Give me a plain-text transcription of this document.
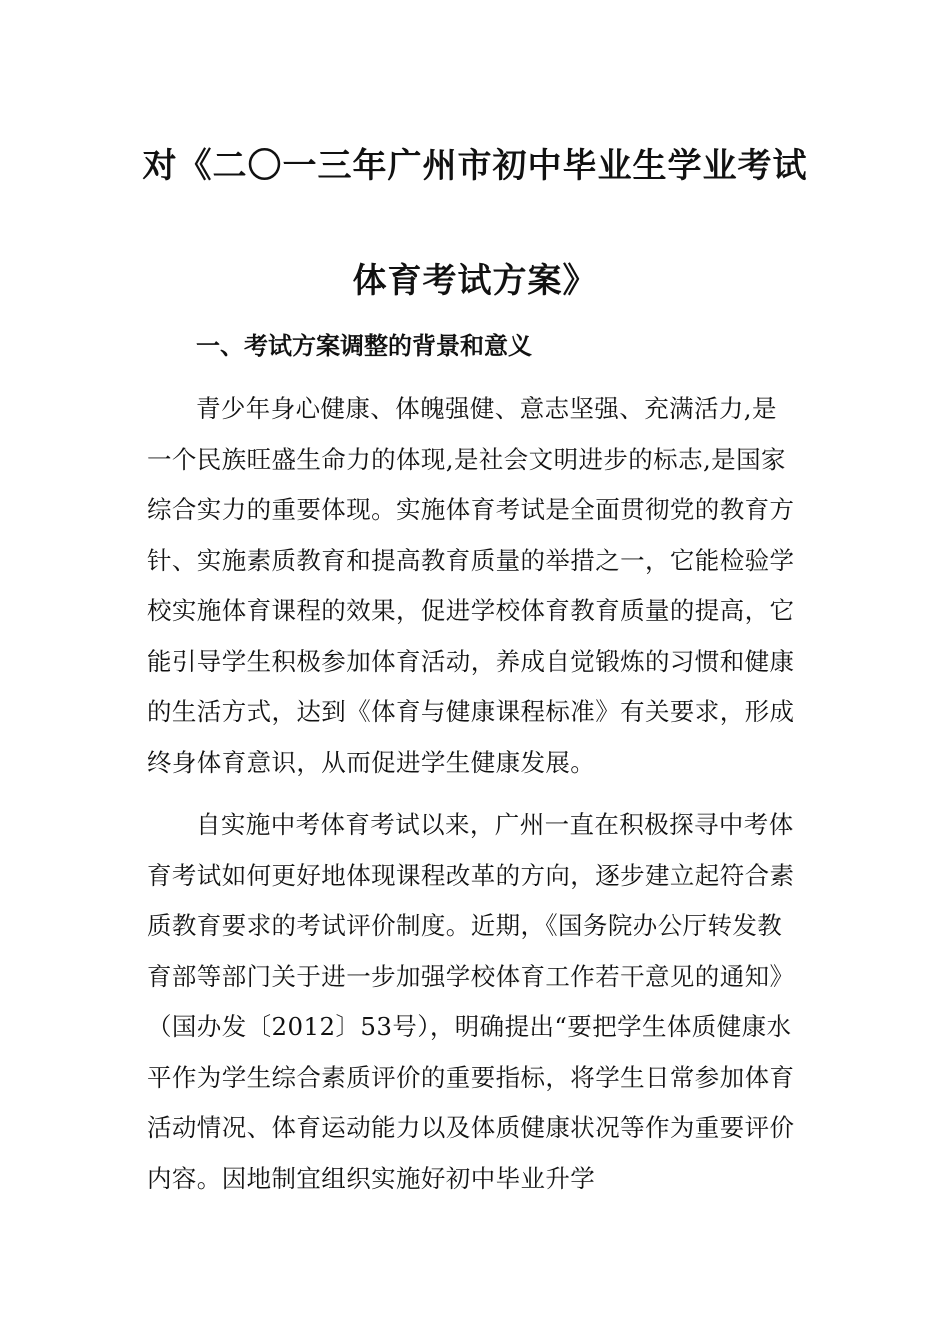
对《二〇一三年广州市初中毕业生学业考试
体育考试方案》
一、考试方案调整的背景和意义

青少年身心健康、体魄强健、意志坚强、充满活力,是一个民族旺盛生命力的体现,是社会文明进步的标志,是国家综合实力的重要体现。实施体育考试是全面贯彻党的教育方针、实施素质教育和提高教育质量的举措之一，它能检验学校实施体育课程的效果，促进学校体育教育质量的提高，它能引导学生积极参加体育活动，养成自觉锻炼的习惯和健康的生活方式，达到《体育与健康课程标准》有关要求，形成终身体育意识，从而促进学生健康发展。

自实施中考体育考试以来，广州一直在积极探寻中考体育考试如何更好地体现课程改革的方向，逐步建立起符合素质教育要求的考试评价制度。近期，《国务院办公厅转发教育部等部门关于进一步加强学校体育工作若干意见的通知》（国办发〔2012〕53号），明确提出“要把学生体质健康水平作为学生综合素质评价的重要指标，将学生日常参加体育活动情况、体育运动能力以及体质健康状况等作为重要评价内容。因地制宜组织实施好初中毕业升学
